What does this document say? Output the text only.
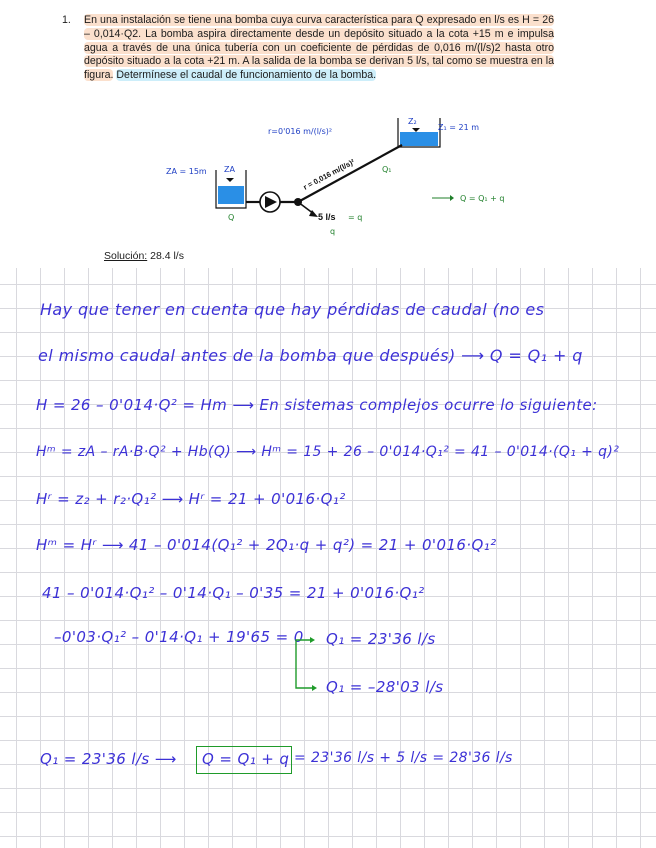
1. En una instalación se tiene una bomba cuya curva característica para Q expresado en l/s es H = 26 – 0,014·Q2. La bomba aspira directamente desde un depósito situado a la cota +15 m e impulsa agua a través de una única tubería con un coeficiente de pérdidas de 0,016 m/(l/s)2 hasta otro depósito situado a la cota +21 m. A la salida de la bomba se derivan 5 l/s, tal como se muestra en la figura. Determínese el caudal de funcionamiento de la bomba.
r=0'016 m/(l/s)²
Z₂
Z₁ = 21 m
r = 0,016 m/(l/s)²	Q₁
ZA = 15m ZA
Q	5 l/s = q
q
Q = Q₁ + q
Solución: 28.4 l/s
Hay que tener en cuenta que hay pérdidas de caudal (no es
el mismo caudal antes de la bomba que después) ⟶ Q = Q₁ + q
H = 26 – 0'014·Q² = Hm ⟶ En sistemas complejos ocurre lo siguiente:
Hᵐ = zA – rA·B·Q² + Hb(Q) ⟶ Hᵐ = 15 + 26 – 0'014·Q₁² = 41 – 0'014·(Q₁ + q)²
Hʳ = z₂ + r₂·Q₁² ⟶ Hʳ = 21 + 0'016·Q₁²
Hᵐ = Hʳ ⟶ 41 – 0'014(Q₁² + 2Q₁·q + q²) = 21 + 0'016·Q₁²
41 – 0'014·Q₁² – 0'14·Q₁ – 0'35 = 21 + 0'016·Q₁²
–0'03·Q₁² – 0'14·Q₁ + 19'65 = 0 Q₁ = 23'36 l/s
Q₁ = –28'03 l/s
Q₁ = 23'36 l/s ⟶ Q = Q₁ + q = 23'36 l/s + 5 l/s = 28'36 l/s
